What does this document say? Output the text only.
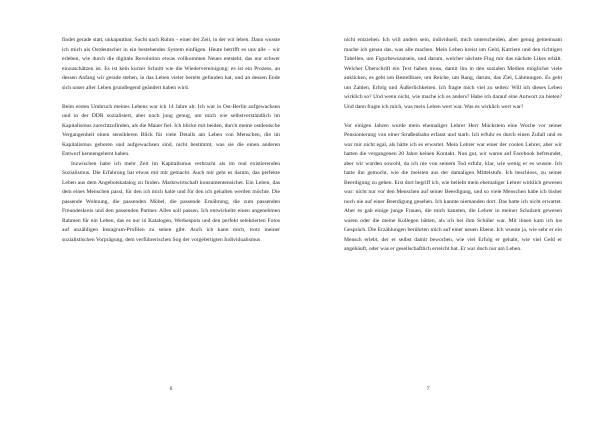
findet gerade statt, unkaputtbar, Sucht nach Ruhm – einer der Zeit, in der wir leben. Dann wusste ich mich als Ostdeutscher in ein bestehendes System einfügen. Heute betrifft es uns alle – wir erleben, wie durch die digitale Revolution etwas vollkommen Neues entsteht, das nur schwer einzuschätzen ist. Es ist kein kurzer Schnitt wie die Wiedervereinigung: es ist ein Prozess, an dessen Anfang wir gerade stehen, in das Leben vieler bereits gefunden hat, und an dessen Ende sich unser aller Leben grundlegend geändert haben wird.

Beim ersten Umbruch meines Lebens war ich 14 Jahre alt. Ich war in Ost-Berlin aufgewachsen und in der DDR sozialisiert, aber noch jung genug, um mich wie selbstverständlich im Kapitalismus zurechtzufinden, als die Mauer fiel. Ich blicke mit beiden, durch meine ostdeutsche Vergangenheit einen sensibleren Blick für viele Details am Leben von Menschen, die im Kapitalismus geboren und aufgewachsen sind, nicht bestimmt, was sie die einen anderen Entwurf kennengelernt haben.

Inzwischen habe ich mehr Zeit im Kapitalismus verbracht als im real existierenden Sozialismus. Die Erfahrung hat etwas mit mir gemacht. Auch mir geht es darum, das perfekte Leben aus dem Angebotskatalog zu finden. Marktwirtschaft konsumentensicher. Ein Leben, das dem eines Menschen passt, für den ich mich halte und für den ich gehalten werden möchte. Die passende Wohnung, die passenden Möbel, die passende Ernährung, die zum passenden Freundeskreis und den passenden Partner. Alles soll passen. Ich entwickelte einen angenehmen Rahmen für ein Leben, das es nur in Katalogen, Werbespots und den perfekt selektierten Fotos auf unzähligen Instagram-Profilen zu sehen gibt. Auch ich kann mich, trotz meiner sozialistischen Vorprägung, dem verführerischen Sog der vorgefertigten Individualismus

6

nicht entziehen. Ich will anders sein, individuell, mich unterscheiden, aber genug gemeinsam mache ich genau das, was alle machen. Mein Leben kreist um Geld, Karriere und den richtigen Tabellen, um Figurbewusstsein, und darum, welcher nächste Flug mir das nächste Likes erhält. Welcher Überschrift ein Text haben muss, damit ihn in den sozialen Medien möglichst viele anklicken, es geht um Bestellbare, um Reiche, um Rang, darum, das Ziel, Lähmungen. Es geht um Zahlen, Erfolg und Äußerlichkeiten. Ich fragte mich viel zu selten: Will ich dieses Leben wirklich so? Und wenn nicht, wie mache ich es anders? Habe ich darauf eine Antwort zu bieten? Und dann fragte ich mich, was mein Leben wert war. Was es wirklich wert war?

Vor einigen Jahren wurde mein ehemaliger Lehrer Herr Mückstein eine Woche vor seiner Pensionierung von einer Straßenbahn erfasst und starb. Ich erfuhr es durch einen Zufall und es war mir nicht egal, als hätte ich es erwartet. Mein Lehrer war einer der coolen Lehrer, aber wir hatten die vergangenen 20 Jahre keinen Kontakt. Nun gut, wir waren auf Facebook befreundet, aber wir wurden sowohl, da ich nie von seinem Tod erfuhr, klar, wie wenig er es wusste. Ich hatte ihn gemocht, wie die meisten aus der damaligen Mittelstufe. Ich beschloss, zu seiner Beerdigung zu gehen. Erst dort begriff ich, wie beliebt mein ehemaliger Lehrer wirklich gewesen war: nicht nur vor den Menschen auf seiner Beerdigung, und so viele Menschen habe ich bisher noch nie auf einer Beerdigung gesehen. Ich kannte niemanden dort. Das hatte ich nicht erwartet. Aber es gab einige junge Frauen, die mich kannten, die Lehrer in meiner Schulzeit gewesen waren oder die meine Kollegen hätten, als ich bei ihm Schüler war. Mit ihnen kam ich ins Gespräch. Die Erzählungen berührten mich auf einer neuen Ebene. Ich wusste ja, wie sehr er ein Mensch erlebt, der er selbst damit beworben, wie viel Erfolg er gehabt, wie viel Geld er angehäuft, oder was er gesellschaftlich erreicht hat. Er war doch nur am Leben.

7
